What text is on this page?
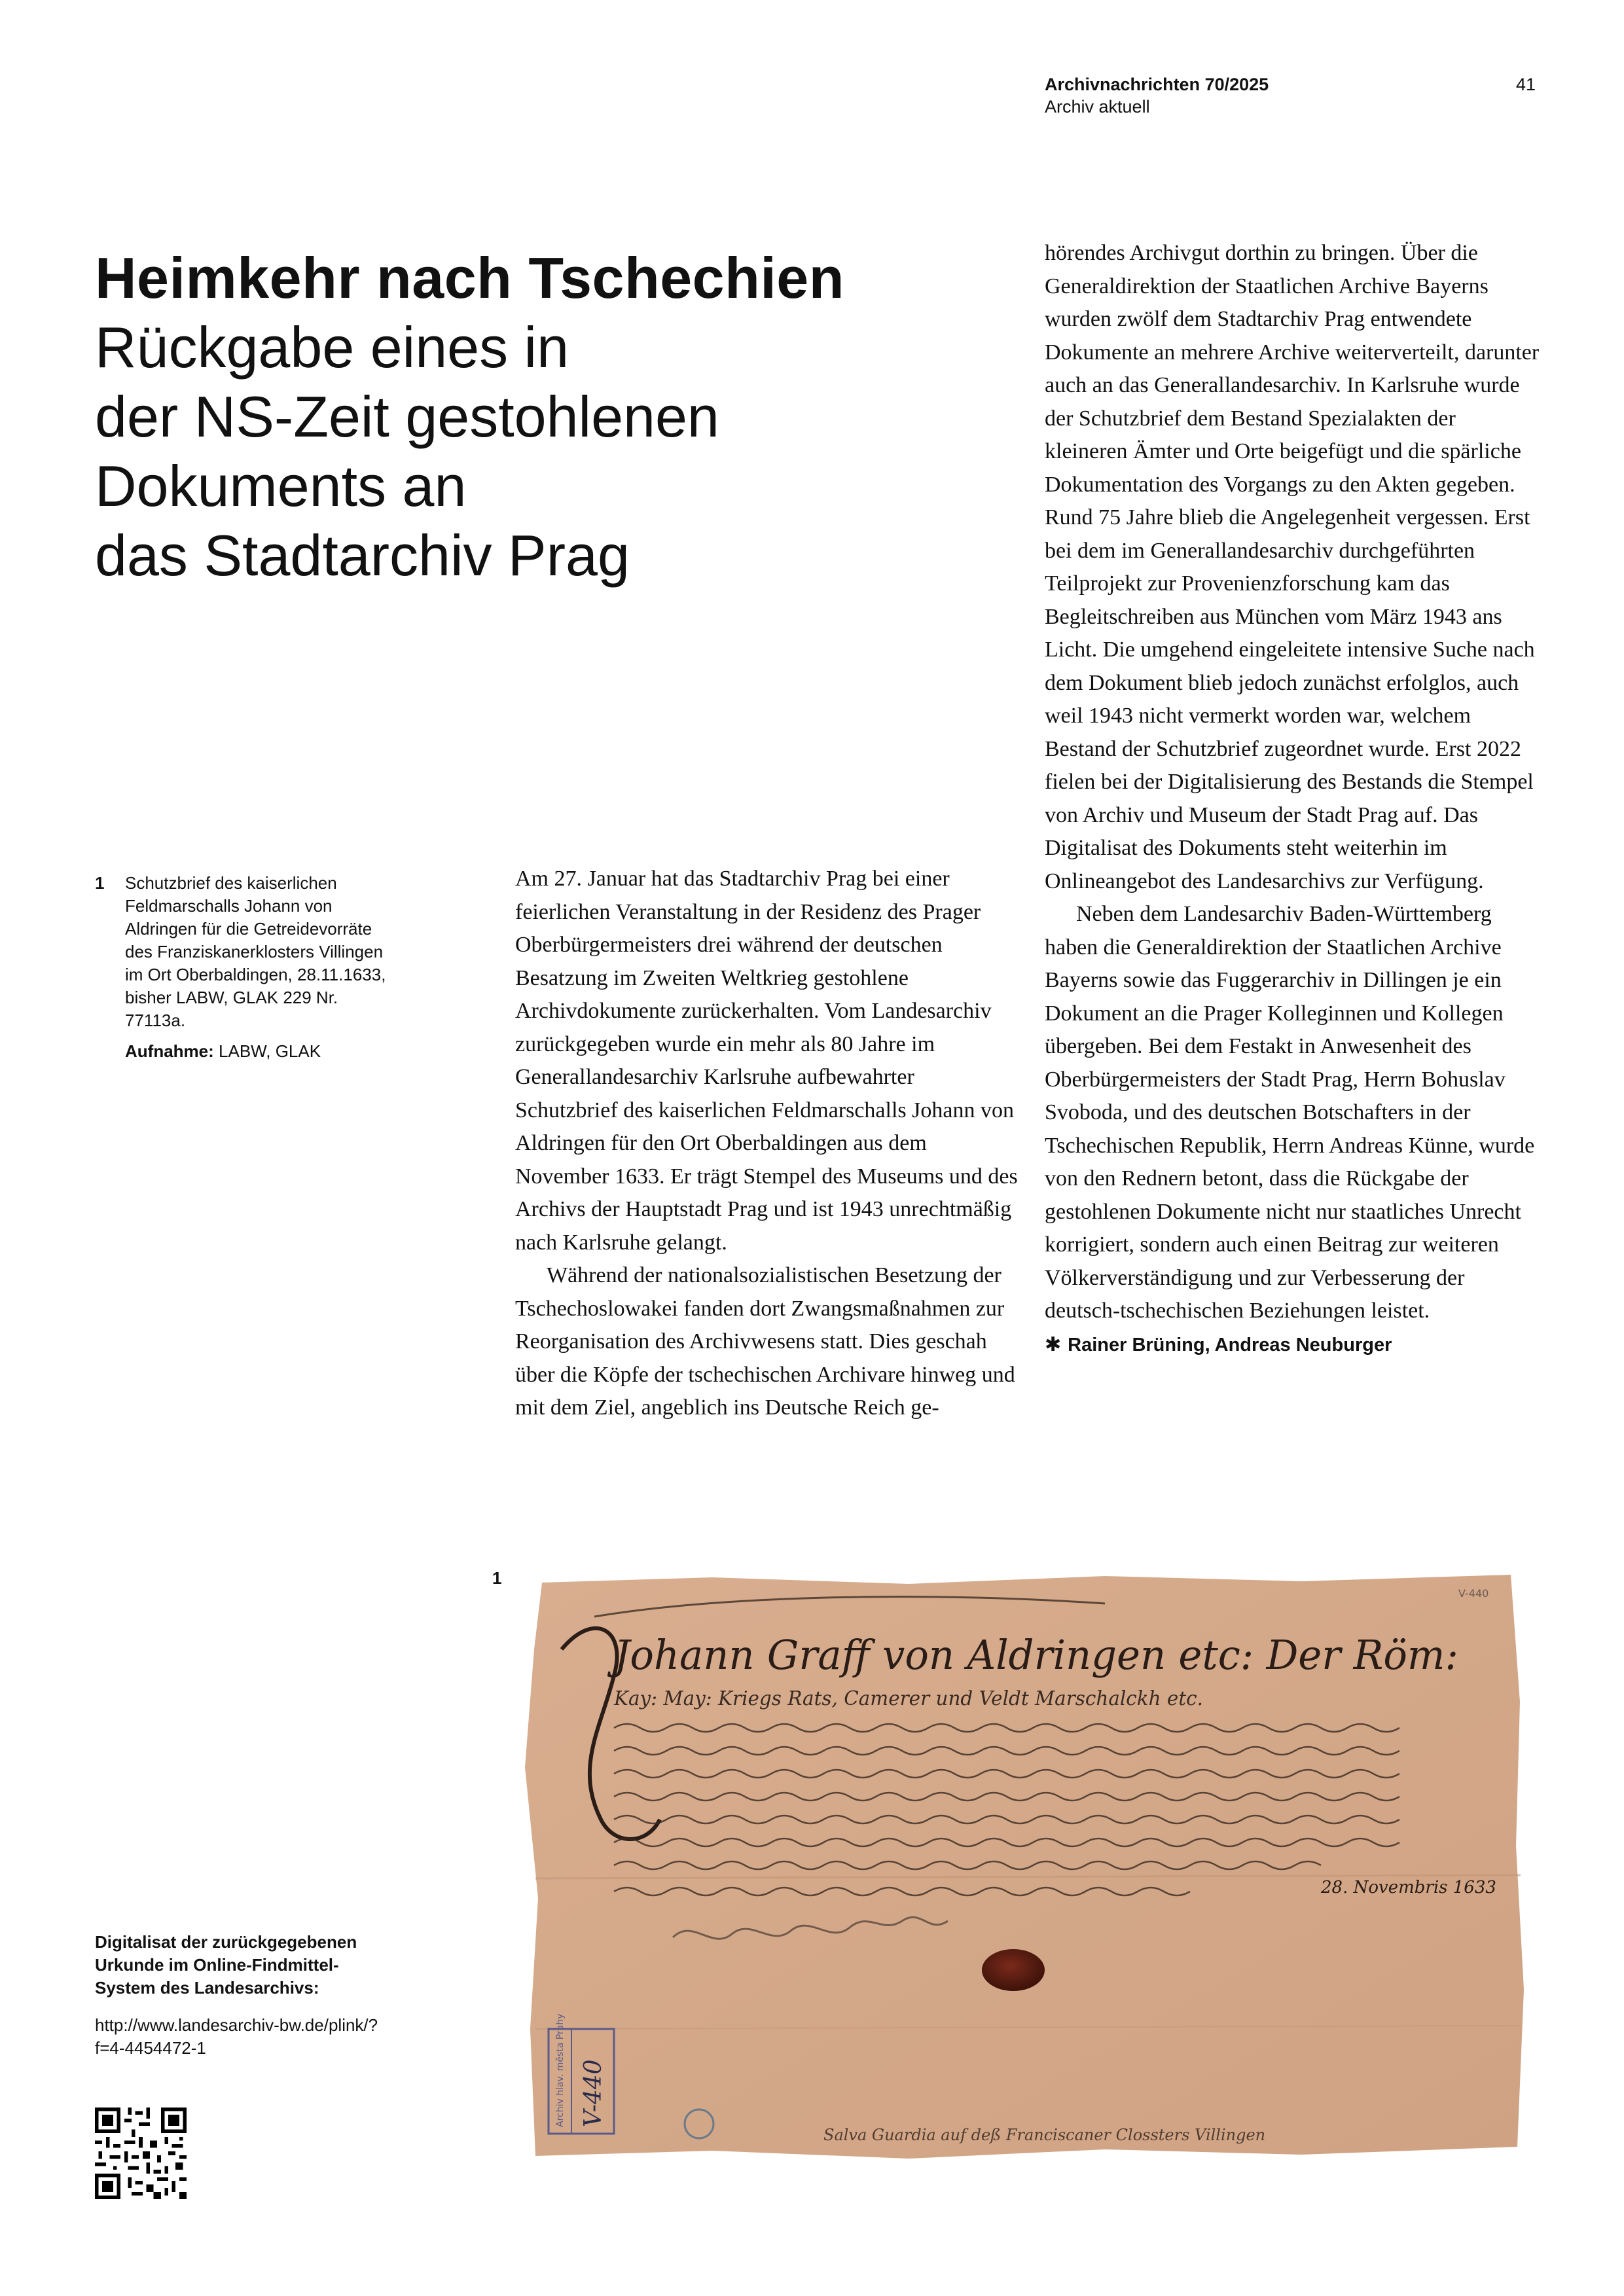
Archivnachrichten 70/2025
Archiv aktuell
41
Heimkehr nach Tschechien
Rückgabe eines in
der NS-Zeit gestohlenen
Dokuments an
das Stadtarchiv Prag
1 Schutzbrief des kaiserlichen Feldmarschalls Johann von Aldringen für die Getreidevorräte des Franziskanerklosters Villingen im Ort Oberbaldingen, 28.11.1633, bisher LABW, GLAK 229 Nr. 77113a.
Aufnahme: LABW, GLAK

Am 27. Januar hat das Stadtarchiv Prag bei einer feierlichen Veranstaltung in der Residenz des Prager Oberbürgermeisters drei während der deutschen Besatzung im Zweiten Weltkrieg gestohlene Archivdokumente zurückerhalten. Vom Landesarchiv zurückgegeben wurde ein mehr als 80 Jahre im Generallandesarchiv Karlsruhe aufbewahrter Schutzbrief des kaiserlichen Feldmarschalls Johann von Aldringen für den Ort Oberbaldingen aus dem November 1633. Er trägt Stempel des Museums und des Archivs der Hauptstadt Prag und ist 1943 unrechtmäßig nach Karlsruhe gelangt.

Während der nationalsozialistischen Besetzung der Tschechoslowakei fanden dort Zwangsmaßnahmen zur Reorganisation des Archivwesens statt. Dies geschah über die Köpfe der tschechischen Archivare hinweg und mit dem Ziel, angeblich ins Deutsche Reich ge-

hörendes Archivgut dorthin zu bringen. Über die Generaldirektion der Staatlichen Archive Bayerns wurden zwölf dem Stadtarchiv Prag entwendete Dokumente an mehrere Archive weiterverteilt, darunter auch an das Generallandesarchiv. In Karlsruhe wurde der Schutzbrief dem Bestand Spezialakten der kleineren Ämter und Orte beigefügt und die spärliche Dokumentation des Vorgangs zu den Akten gegeben. Rund 75 Jahre blieb die Angelegenheit vergessen. Erst bei dem im Generallandesarchiv durchgeführten Teilprojekt zur Provenienzforschung kam das Begleitschreiben aus München vom März 1943 ans Licht. Die umgehend eingeleitete intensive Suche nach dem Dokument blieb jedoch zunächst erfolglos, auch weil 1943 nicht vermerkt worden war, welchem Bestand der Schutzbrief zugeordnet wurde. Erst 2022 fielen bei der Digitalisierung des Bestands die Stempel von Archiv und Museum der Stadt Prag auf. Das Digitalisat des Dokuments steht weiterhin im Onlineangebot des Landesarchivs zur Verfügung.

Neben dem Landesarchiv Baden-Württemberg haben die Generaldirektion der Staatlichen Archive Bayerns sowie das Fuggerarchiv in Dillingen je ein Dokument an die Prager Kolleginnen und Kollegen übergeben. Bei dem Festakt in Anwesenheit des Oberbürgermeisters der Stadt Prag, Herrn Bohuslav Svoboda, und des deutschen Botschafters in der Tschechischen Republik, Herrn Andreas Künne, wurde von den Rednern betont, dass die Rückgabe der gestohlenen Dokumente nicht nur staatliches Unrecht korrigiert, sondern auch einen Beitrag zur weiteren Völkerverständigung und zur Verbesserung der deutsch-tschechischen Beziehungen leistet.

✱ Rainer Brüning, Andreas Neuburger
1
Johann Graff von Aldringen etc: Der Röm:
Kay: May: Kriegs Rats, Camerer und Veldt Marschalckh etc.
28. Novembris 1633
Archiv hlav. města Prahy V-440
V-440
Salva Guardia auf deß Franciscaner Clossters Villingen
Digitalisat der zurückgegebenen Urkunde im Online-Findmittel-System des Landesarchivs:
http://www.landesarchiv-bw.de/plink/?f=4-4454472-1
